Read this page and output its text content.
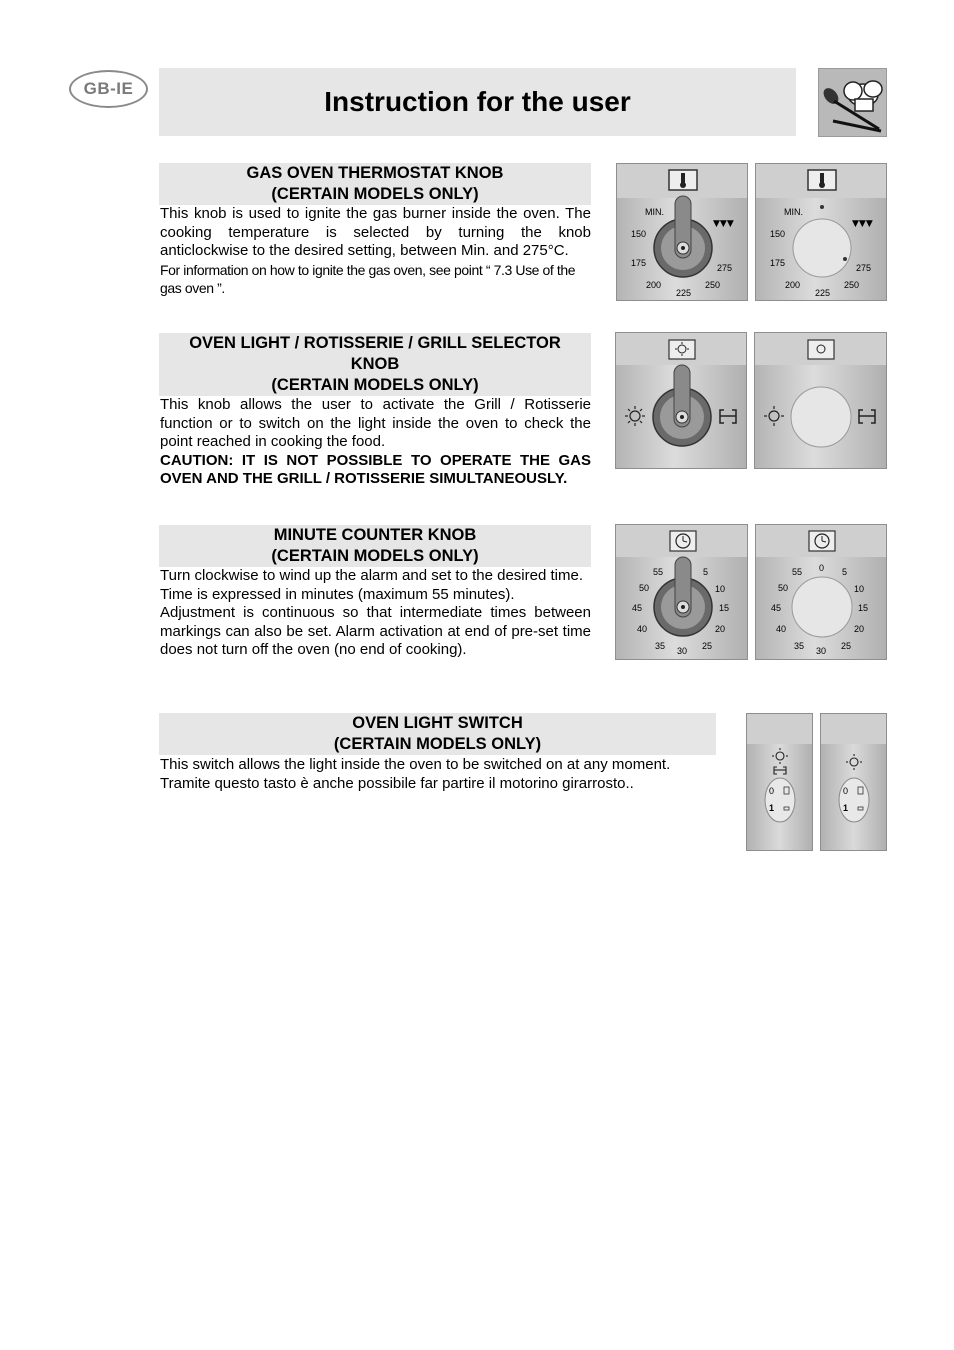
GB-IE	Instruction for the user
GAS OVEN THERMOSTAT KNOB
(CERTAIN MODELS ONLY)

This knob is used to ignite the gas burner inside the oven. The cooking temperature is selected by turning the knob anticlockwise to the desired setting, between Min. and 275°C.

For information on how to ignite the gas oven, see point “ 7.3 Use of the gas oven ”.

MIN.
150
175
200
225
250
275
▼▼▼
MIN.
150
175
200
225
250
275
▼▼▼
OVEN LIGHT / ROTISSERIE / GRILL SELECTOR
KNOB
(CERTAIN MODELS ONLY)

This knob allows the user to activate the Grill / Rotisserie function or to switch on the light inside the oven to check the point reached in cooking the food.

CAUTION: IT IS NOT POSSIBLE TO OPERATE THE GAS OVEN AND THE GRILL / ROTISSERIE SIMULTANEOUSLY.

MINUTE COUNTER KNOB
(CERTAIN MODELS ONLY)

Turn clockwise to wind up the alarm and set to the desired time.

Time is expressed in minutes (maximum 55 minutes).

Adjustment is continuous so that intermediate times between markings can also be set. Alarm activation at end of pre-set time does not turn off the oven (no end of cooking).

5
10
15
20
25
30
35
40
45
50
55	0 5
10
15
20
25
30
35
40
45
50
55
OVEN LIGHT SWITCH
(CERTAIN MODELS ONLY)

This switch allows the light inside the oven to be switched on at any moment.

Tramite questo tasto è anche possibile far partire il motorino girarrosto..	0
1
0
1
